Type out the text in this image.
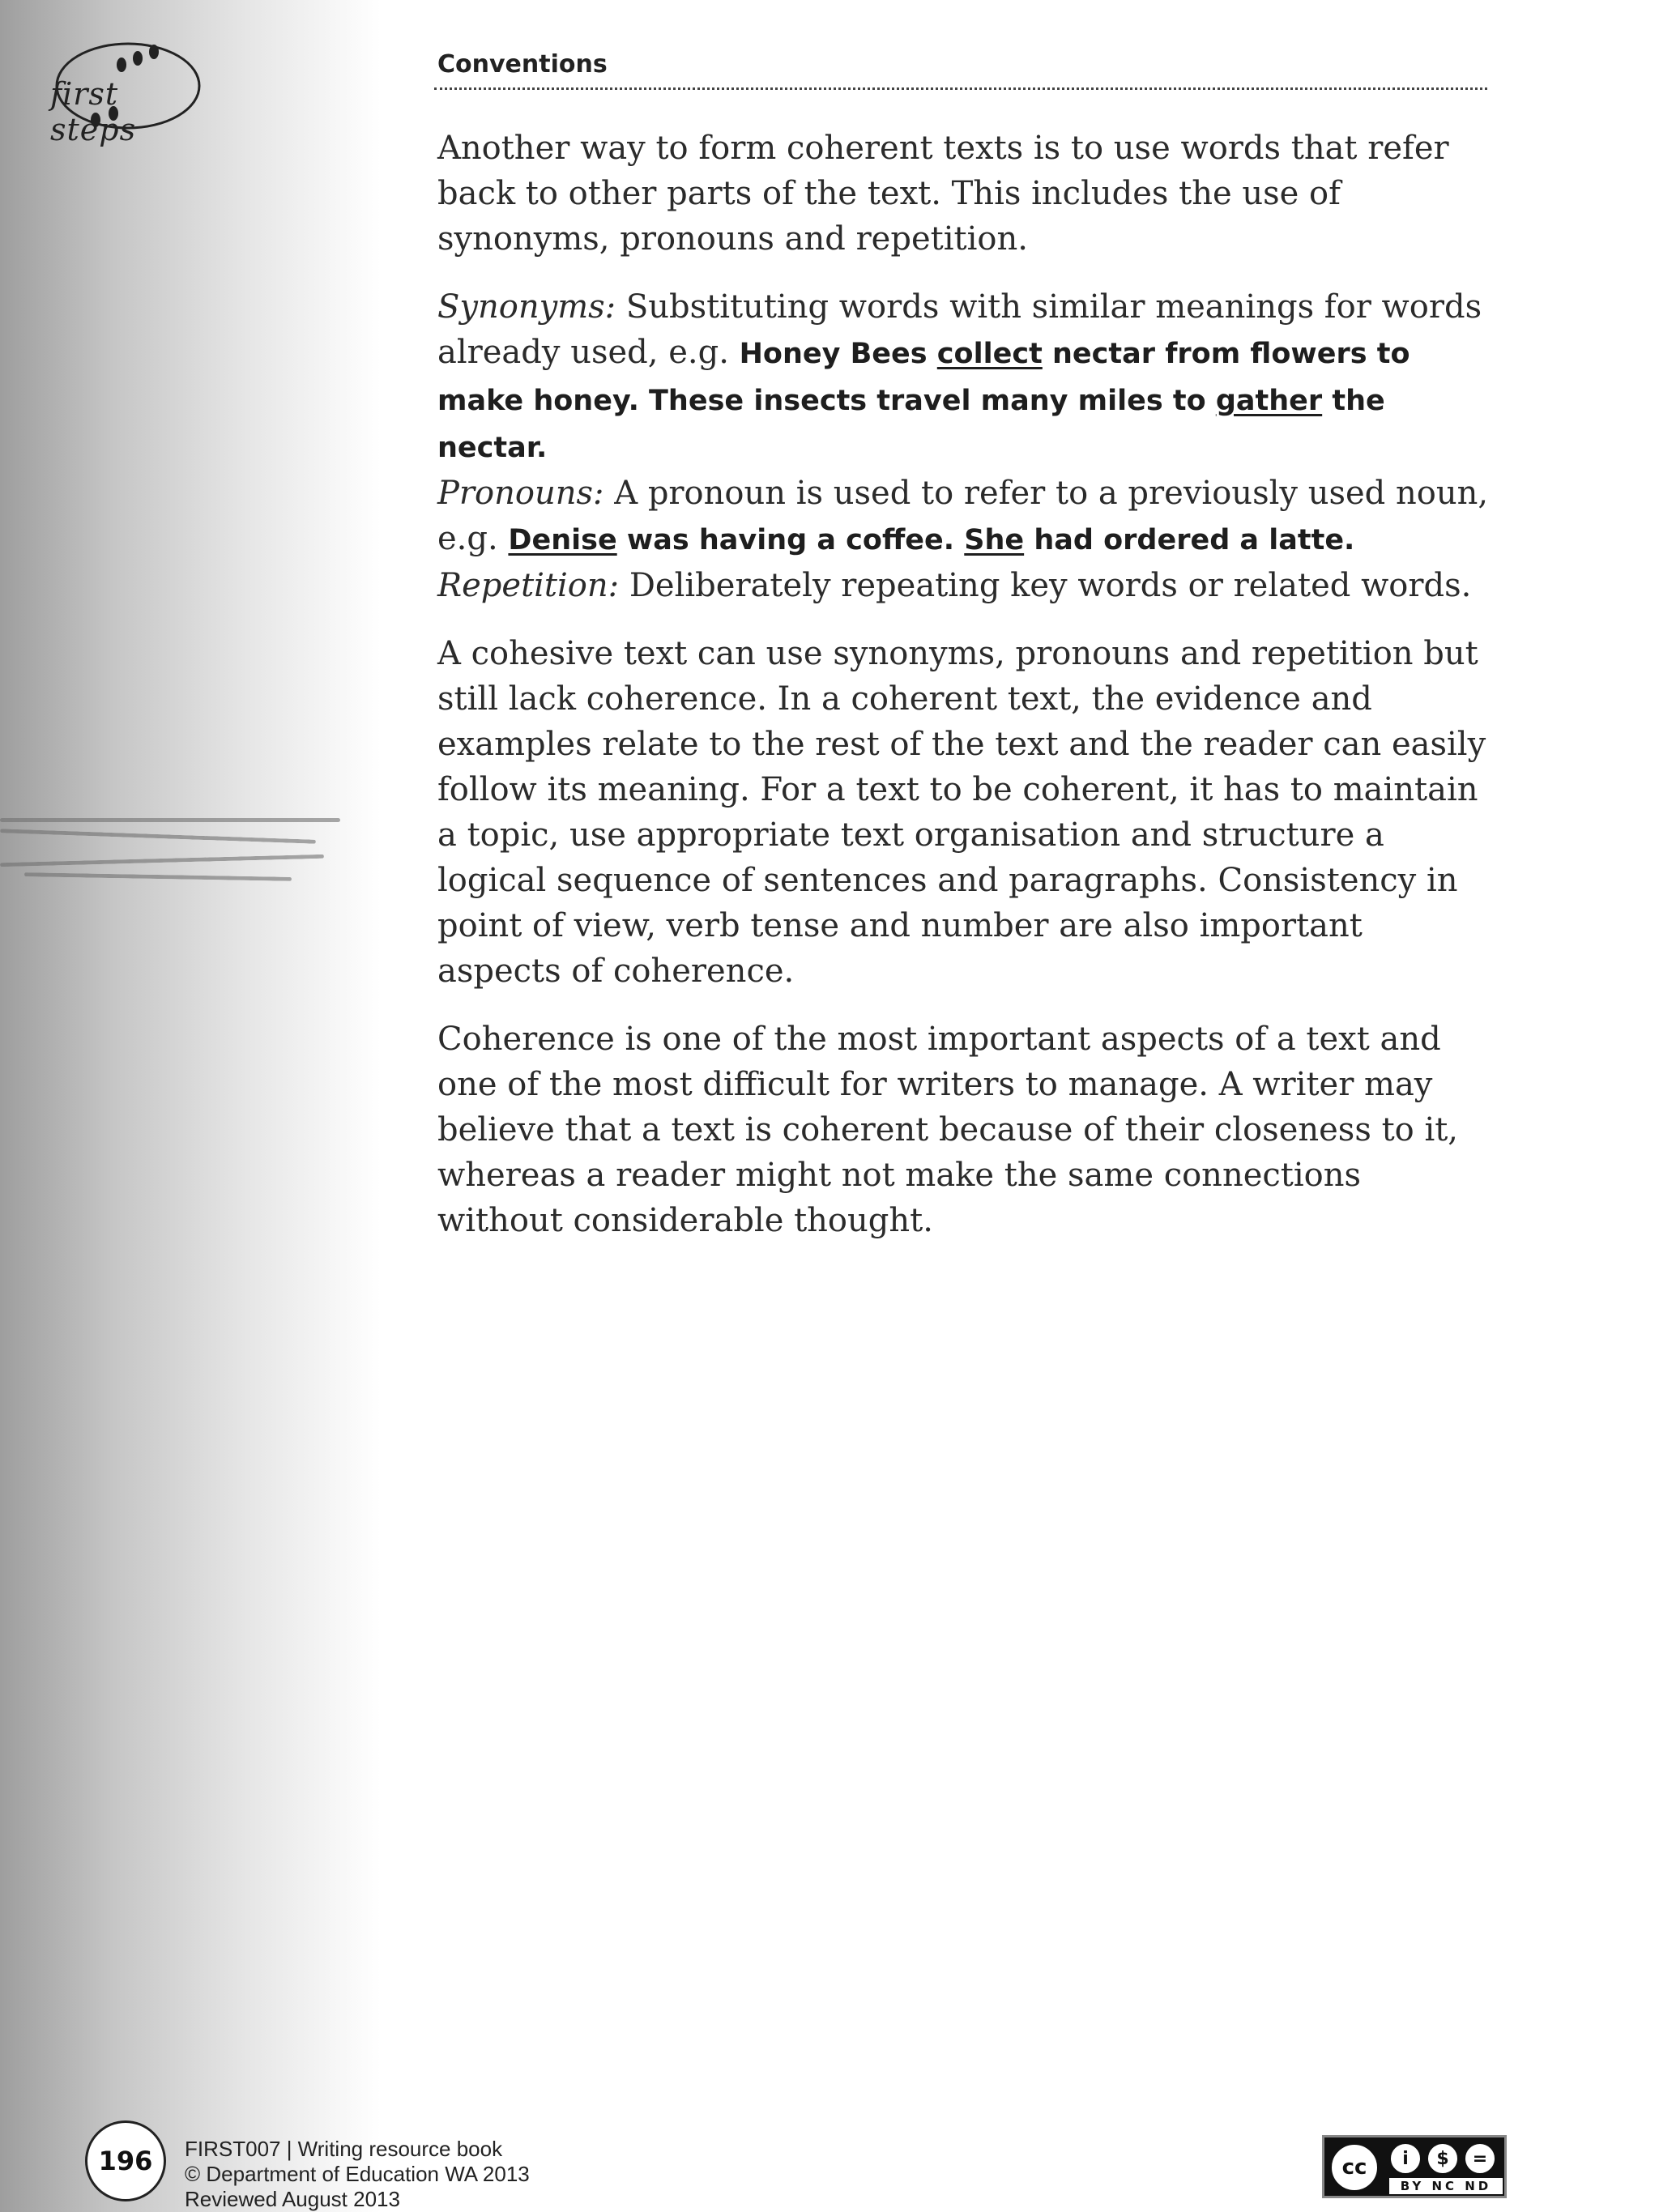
first steps
Conventions

Another way to form coherent texts is to use words that refer back to other parts of the text. This includes the use of synonyms, pronouns and repetition.

Synonyms: Substituting words with similar meanings for words already used, e.g. Honey Bees collect nectar from flowers to make honey. These insects travel many miles to gather the nectar.
Pronouns: A pronoun is used to refer to a previously used noun, e.g. Denise was having a coffee. She had ordered a latte.
Repetition: Deliberately repeating key words or related words.

A cohesive text can use synonyms, pronouns and repetition but still lack coherence. In a coherent text, the evidence and examples relate to the rest of the text and the reader can easily follow its meaning. For a text to be coherent, it has to maintain a topic, use appropriate text organisation and structure a logical sequence of sentences and paragraphs. Consistency in point of view, verb tense and number are also important aspects of coherence.

Coherence is one of the most important aspects of a text and one of the most difficult for writers to manage. A writer may believe that a text is coherent because of their closeness to it, whereas a reader might not make the same connections without considerable thought.

196	FIRST007 | Writing resource book
© Department of Education WA 2013
Reviewed August 2013
cc	i	$	=
BY NC ND
